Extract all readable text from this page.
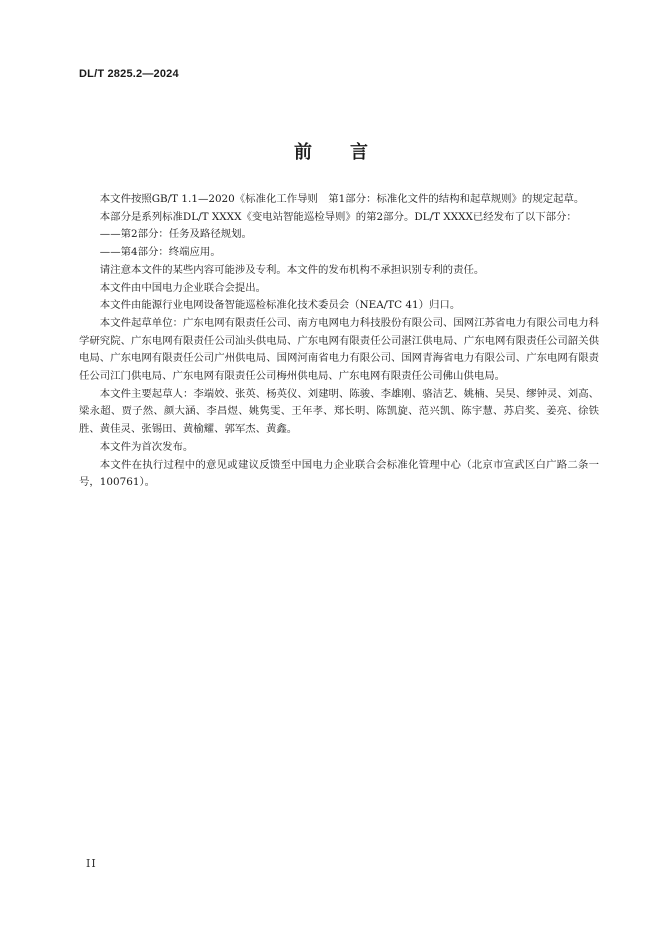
DL/T 2825.2—2024
前言

本文件按照GB/T 1.1—2020《标准化工作导则　第1部分：标准化文件的结构和起草规则》的规定起草。

本部分是系列标准DL/T XXXX《变电站智能巡检导则》的第2部分。DL/T XXXX已经发布了以下部分：

——第2部分：任务及路径规划。

——第4部分：终端应用。

请注意本文件的某些内容可能涉及专利。本文件的发布机构不承担识别专利的责任。

本文件由中国电力企业联合会提出。

本文件由能源行业电网设备智能巡检标准化技术委员会（NEA/TC 41）归口。

本文件起草单位：广东电网有限责任公司、南方电网电力科技股份有限公司、国网江苏省电力有限公司电力科学研究院、广东电网有限责任公司汕头供电局、广东电网有限责任公司湛江供电局、广东电网有限责任公司韶关供电局、广东电网有限责任公司广州供电局、国网河南省电力有限公司、国网青海省电力有限公司、广东电网有限责任公司江门供电局、广东电网有限责任公司梅州供电局、广东电网有限责任公司佛山供电局。

本文件主要起草人：李端姣、张英、杨英仪、刘建明、陈骏、李雄刚、骆洁艺、姚楠、吴昊、缪钟灵、刘高、梁永超、贾子然、颜大涵、李昌煜、姚隽雯、王年孝、郑长明、陈凯旋、范兴凯、陈宇慧、苏启奖、姜亮、徐铁胜、黄佳灵、张锡田、黄榆耀、郭军杰、黄鑫。

本文件为首次发布。

本文件在执行过程中的意见或建议反馈至中国电力企业联合会标准化管理中心（北京市宣武区白广路二条一号，100761）。

II
